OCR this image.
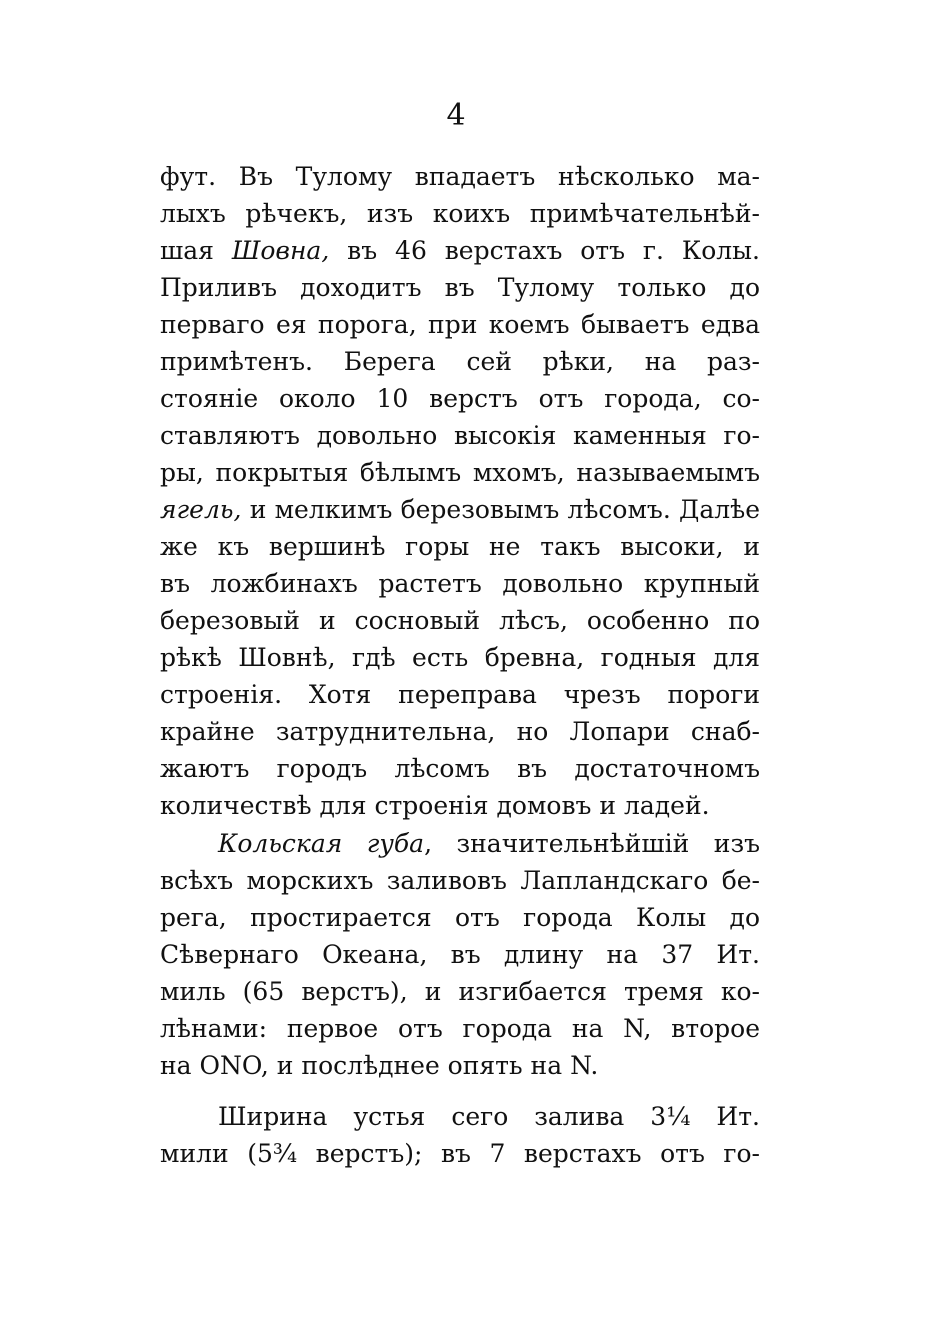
4
фут. Въ Тулому впадаетъ нѣсколько ма-
лыхъ рѣчекъ, изъ коихъ примѣчательнѣй-
шая Шовна, въ 46 верстахъ отъ г. Колы.
Приливъ доходитъ въ Тулому только до
перваго ея порога, при коемъ бываетъ едва
примѣтенъ. Берега сей рѣки, на раз-
стояніе около 10 верстъ отъ города, со-
ставляютъ довольно высокія каменныя го-
ры, покрытыя бѣлымъ мхомъ, называемымъ
ягель, и мелкимъ березовымъ лѣсомъ. Далѣе
же къ вершинѣ горы не такъ высоки, и
въ ложбинахъ растетъ довольно крупный
березовый и сосновый лѣсъ, особенно по
рѣкѣ Шовнѣ, гдѣ есть бревна, годныя для
строенія. Хотя переправа чрезъ пороги
крайне затруднительна, но Лопари снаб-
жаютъ городъ лѣсомъ въ достаточномъ
количествѣ для строенія домовъ и ладей.
Кольская губа, значительнѣйшій изъ
всѣхъ морскихъ заливовъ Лапландскаго бе-
рега, простирается отъ города Колы до
Сѣвернаго Океана, въ длину на 37 Ит.
миль (65 верстъ), и изгибается тремя ко-
лѣнами: первое отъ города на N, второе
на ONO, и послѣднее опять на N.
Ширина устья сего залива 3¼ Ит.
мили (5¾ верстъ); въ 7 верстахъ отъ го-
